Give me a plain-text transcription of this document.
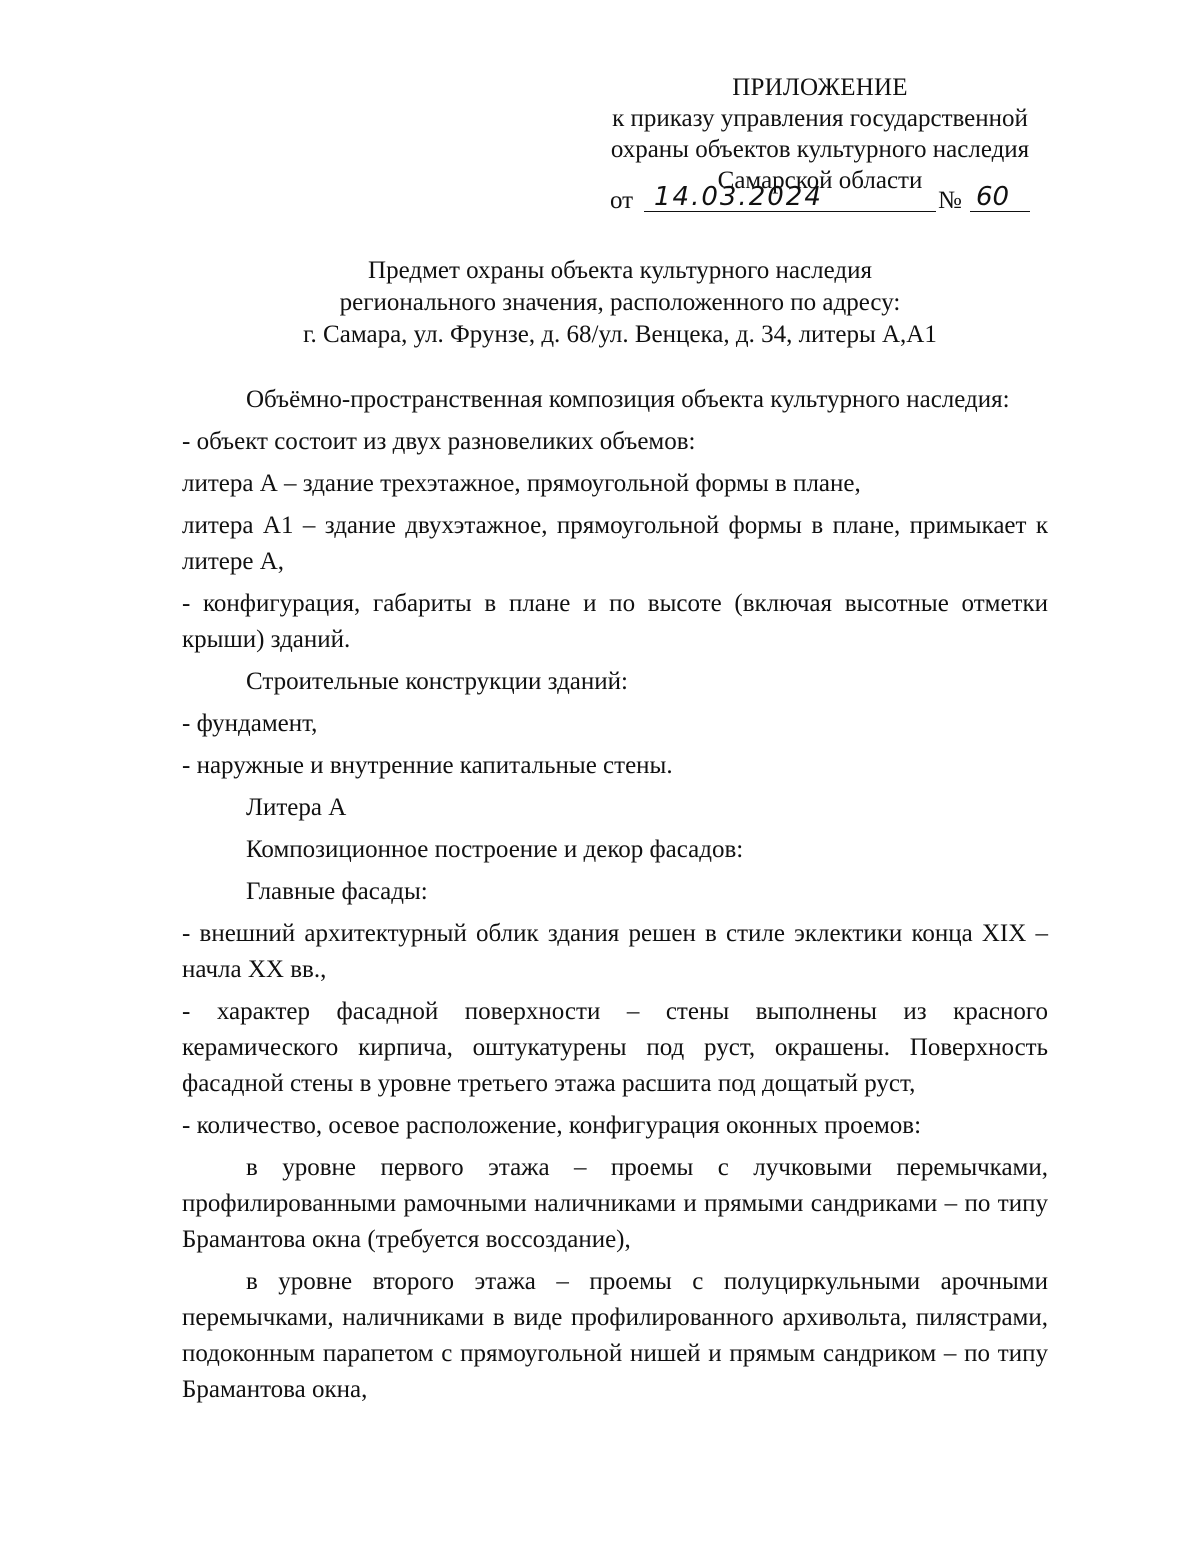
ПРИЛОЖЕНИЕ
к приказу управления государственной
охраны объектов культурного наследия
Самарской области
от 14.03.2024	№ 60
Предмет охраны объекта культурного наследия
регионального значения, расположенного по адресу:
г. Самара, ул. Фрунзе, д. 68/ул. Венцека, д. 34, литеры А,А1

Объёмно-пространственная композиция объекта культурного наследия:

- объект состоит из двух разновеликих объемов:

литера А – здание трехэтажное, прямоугольной формы в плане,

литера А1 – здание двухэтажное, прямоугольной формы в плане, примыкает к литере А,

- конфигурация, габариты в плане и по высоте (включая высотные отметки крыши) зданий.

Строительные конструкции зданий:

- фундамент,

- наружные и внутренние капитальные стены.

Литера А

Композиционное построение и декор фасадов:

Главные фасады:

- внешний архитектурный облик здания решен в стиле эклектики конца XIX – начла XX вв.,

- характер фасадной поверхности – стены выполнены из красного керамического кирпича, оштукатурены под руст, окрашены. Поверхность фасадной стены в уровне третьего этажа расшита под дощатый руст,

- количество, осевое расположение, конфигурация оконных проемов:

в уровне первого этажа – проемы с лучковыми перемычками, профилированными рамочными наличниками и прямыми сандриками – по типу Брамантова окна (требуется воссоздание),

в уровне второго этажа – проемы с полуциркульными арочными перемычками, наличниками в виде профилированного архивольта, пилястрами, подоконным парапетом с прямоугольной нишей и прямым сандриком – по типу Брамантова окна,
